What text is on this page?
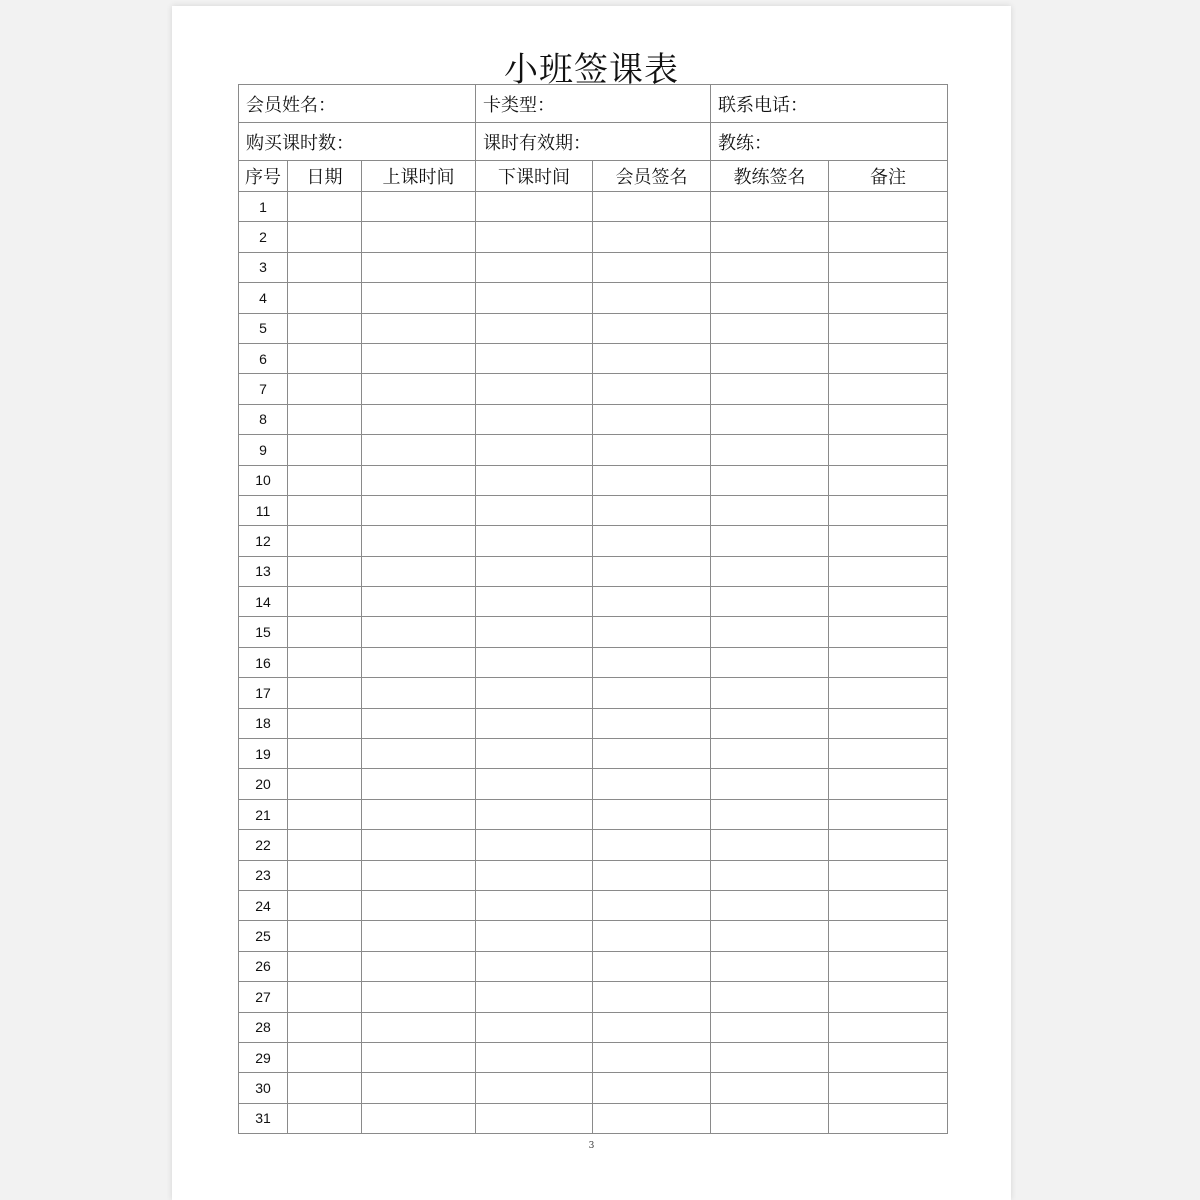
小班签课表
会员姓名：			卡类型：		联系电话：	
购买课时数：			课时有效期：		教练：	
序号	日期	上课时间	下课时间	会员签名	教练签名	备注
1						
2						
3						
4						
5						
6						
7						
8						
9						
10						
11						
12						
13						
14						
15						
16						
17						
18						
19						
20						
21						
22						
23						
24						
25						
26						
27						
28						
29						
30						
31						
3
